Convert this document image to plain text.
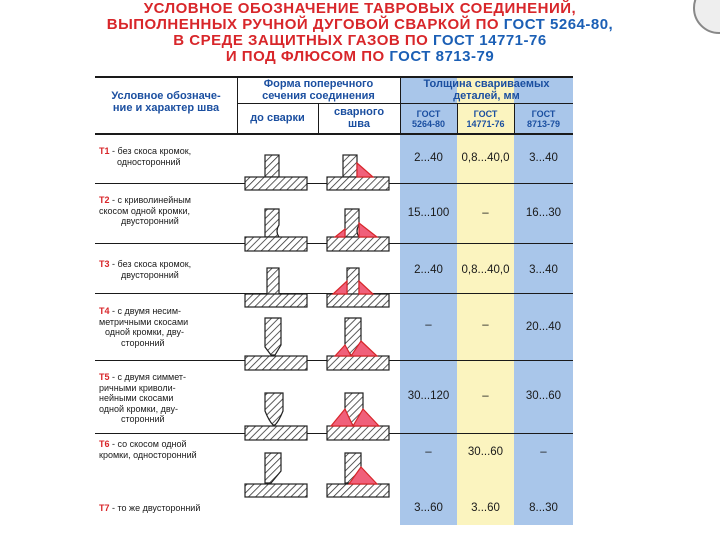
УСЛОВНОЕ ОБОЗНАЧЕНИЕ ТАВРОВЫХ СОЕДИНЕНИЙ,
ВЫПОЛНЕННЫХ РУЧНОЙ ДУГОВОЙ СВАРКОЙ ПО ГОСТ 5264-80,
В СРЕДЕ ЗАЩИТНЫХ ГАЗОВ ПО ГОСТ 14771-76
И ПОД ФЛЮСОМ ПО ГОСТ 8713-79
Условное обозначе-
ние и характер шва
Форма поперечного
сечения соединения
до сварки	сварного
шва
Толщина свариваемых
деталей, мм
ГОСТ
5264-80
ГОСТ
14771-76
ГОСТ
8713-79
Т1 - без скоса кромок,
односторонний	2...40	0,8...40,0	3...40
Т2 - с криволинейным
скосом одной кромки,
двусторонний
15...100	–	16...30
Т3 - без скоса кромок,
двусторонний	2...40	0,8...40,0	3...40
Т4 - с двумя несим-
метричными скосами
одной кромки, дву-
сторонний
–	–	20...40
Т5 - с двумя симмет-
ричными криволи-
нейными скосами
одной кромки, дву-
сторонний
30...120	–	30...60
Т6 - со скосом одной
кромки, односторонний	–	30...60	–
Т7 - то же двусторонний	3...60	3...60	8...30
